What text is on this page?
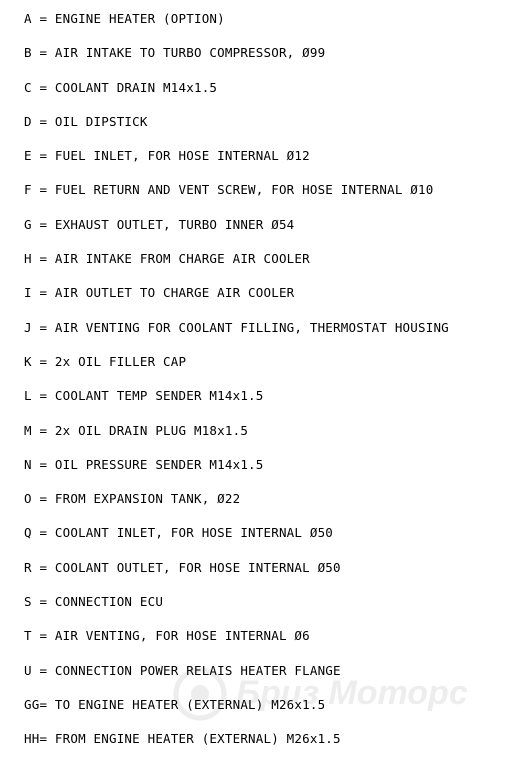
A = ENGINE HEATER (OPTION)
B = AIR INTAKE TO TURBO COMPRESSOR, Ø99
C = COOLANT DRAIN M14x1.5
D = OIL DIPSTICK
E = FUEL INLET, FOR HOSE INTERNAL Ø12
F = FUEL RETURN AND VENT SCREW, FOR HOSE INTERNAL Ø10
G = EXHAUST OUTLET, TURBO INNER Ø54
H = AIR INTAKE FROM CHARGE AIR COOLER
I = AIR OUTLET TO CHARGE AIR COOLER
J = AIR VENTING FOR COOLANT FILLING, THERMOSTAT HOUSING
K = 2x OIL FILLER CAP
L = COOLANT TEMP SENDER M14x1.5
M = 2x OIL DRAIN PLUG M18x1.5
N = OIL PRESSURE SENDER M14x1.5
O = FROM EXPANSION TANK, Ø22
Q = COOLANT INLET, FOR HOSE INTERNAL Ø50
R = COOLANT OUTLET, FOR HOSE INTERNAL Ø50
S = CONNECTION ECU
T = AIR VENTING, FOR HOSE INTERNAL Ø6
U = CONNECTION POWER RELAIS HEATER FLANGE
GG= TO ENGINE HEATER (EXTERNAL) M26x1.5
HH= FROM ENGINE HEATER (EXTERNAL) M26x1.5
Бриз Моторс
